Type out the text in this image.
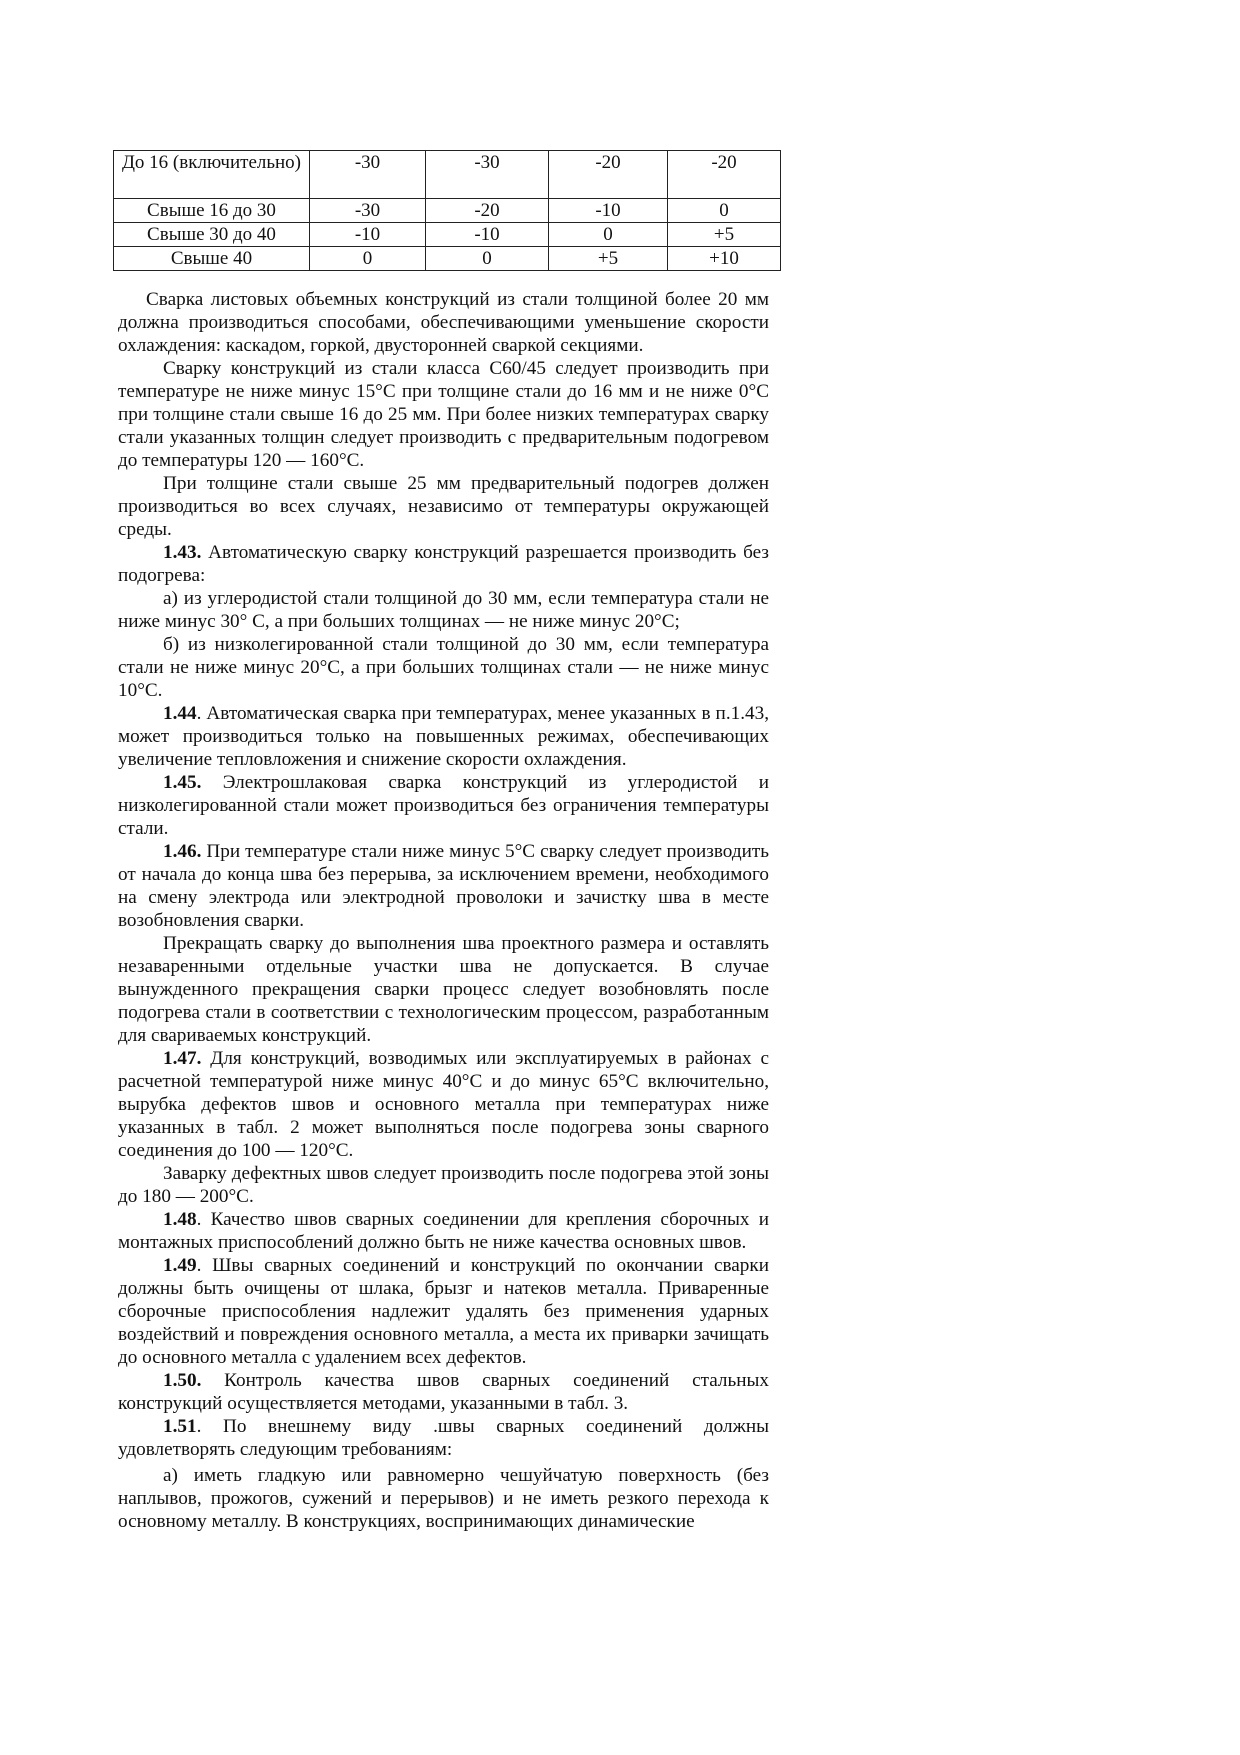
До 16 (включительно)	-30	-30	-20	-20
Свыше 16 до 30	-30	-20	-10	0
Свыше 30 до 40	-10	-10	0	+5
Свыше 40	0	0	+5	+10

Сварка листовых объемных конструкций из стали толщиной более 20 мм должна производиться способами, обеспечивающими уменьшение скорости охлаждения: каскадом, горкой, двусторонней сваркой секциями.

Сварку конструкций из стали класса С60/45 следует производить при температуре не ниже минус 15°С при толщине стали до 16 мм и не ниже 0°С при толщине стали свыше 16 до 25 мм. При более низких температурах сварку стали указанных толщин следует производить с предварительным подогревом до температуры 120 — 160°С.

При толщине стали свыше 25 мм предварительный подогрев должен производиться во всех случаях, независимо от температуры окружающей среды.

1.43. Автоматическую сварку конструкций разрешается производить без подогрева:

а) из углеродистой стали толщиной до 30 мм, если температура стали не ниже минус 30° С, а при больших толщинах — не ниже минус 20°С;

б) из низколегированной стали толщиной до 30 мм, если температура стали не ниже минус 20°С, а при больших толщинах стали — не ниже минус 10°С.

1.44. Автоматическая сварка при температурах, менее указанных в п.1.43, может производиться только на повышенных режимах, обеспечивающих увеличение тепловложения и снижение скорости охлаждения.

1.45. Электрошлаковая сварка конструкций из углеродистой и низколегированной стали может производиться без ограничения температуры стали.

1.46. При температуре стали ниже минус 5°С сварку следует производить от начала до конца шва без перерыва, за исключением времени, необходимого на смену электрода или электродной проволоки и зачистку шва в месте возобновления сварки.

Прекращать сварку до выполнения шва проектного размера и оставлять незаваренными отдельные участки шва не допускается. В случае вынужденного прекращения сварки процесс следует возобновлять после подогрева стали в соответствии с технологическим процессом, разработанным для свариваемых конструкций.

1.47. Для конструкций, возводимых или эксплуатируемых в районах с расчетной температурой ниже минус 40°С и до минус 65°С включительно, вырубка дефектов швов и основного металла при температурах ниже указанных в табл. 2 может выполняться после подогрева зоны сварного соединения до 100 — 120°С.

Заварку дефектных швов следует производить после подогрева этой зоны до 180 — 200°С.

1.48. Качество швов сварных соединении для крепления сборочных и монтажных приспособлений должно быть не ниже качества основных швов.

1.49. Швы сварных соединений и конструкций по окончании сварки должны быть очищены от шлака, брызг и натеков металла. Приваренные сборочные приспособления надлежит удалять без применения ударных воздействий и повреждения основного металла, а места их приварки зачищать до основного металла с удалением всех дефектов.

1.50. Контроль качества швов сварных соединений стальных конструкций осуществляется методами, указанными в табл. 3.

1.51. По внешнему виду .швы сварных соединений должны удовлетворять следующим требованиям:

а) иметь гладкую или равномерно чешуйчатую поверхность (без наплывов, прожогов, сужений и перерывов) и не иметь резкого перехода к основному металлу. В конструкциях, воспринимающих динамические
